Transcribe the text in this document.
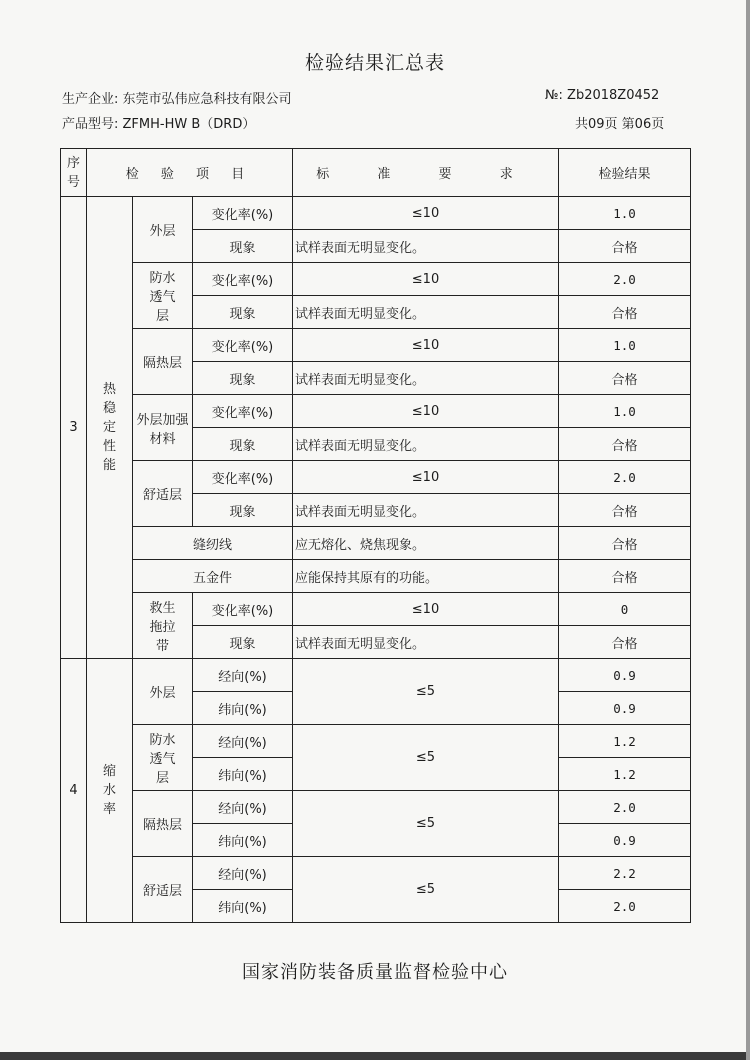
检验结果汇总表
生产企业: 东莞市弘伟应急科技有限公司	№: Zb2018Z0452
产品型号: ZFMH-HW B（DRD）	共09页 第06页
序号	检 验 项 目			标 准 要 求	检验结果
3	热稳定性能	外层	变化率(%)	≤10	1.0
			现象	试样表面无明显变化。	合格
		防水透气层	变化率(%)	≤10	2.0
			现象	试样表面无明显变化。	合格
		隔热层	变化率(%)	≤10	1.0
			现象	试样表面无明显变化。	合格
		外层加强材料	变化率(%)	≤10	1.0
			现象	试样表面无明显变化。	合格
		舒适层	变化率(%)	≤10	2.0
			现象	试样表面无明显变化。	合格
		缝纫线		应无熔化、烧焦现象。	合格
		五金件		应能保持其原有的功能。	合格
		救生拖拉带	变化率(%)	≤10	0
			现象	试样表面无明显变化。	合格
4	缩水率	外层	经向(%)	≤5	0.9
			纬向(%)		0.9
		防水透气层	经向(%)	≤5	1.2
			纬向(%)		1.2
		隔热层	经向(%)	≤5	2.0
			纬向(%)		0.9
		舒适层	经向(%)	≤5	2.2
			纬向(%)		2.0
国家消防装备质量监督检验中心
